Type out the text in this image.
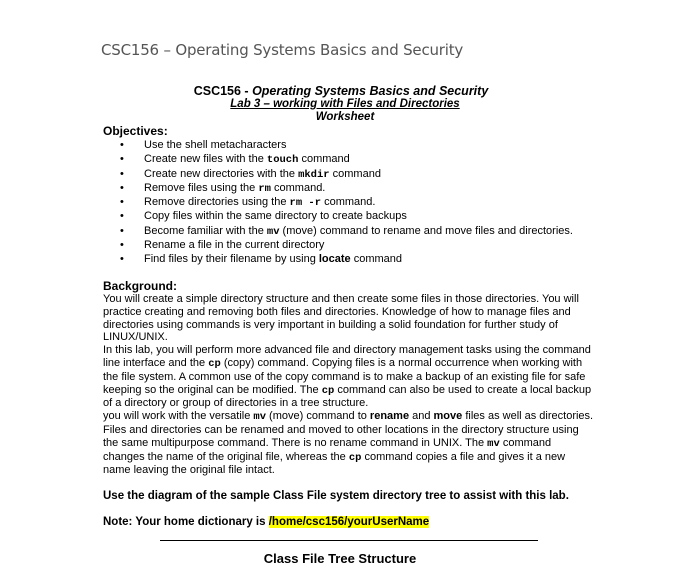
CSC156 – Operating Systems Basics and Security
CSC156 - Operating Systems Basics and Security
Lab 3 – working with Files and Directories
Worksheet
Objectives:
• Use the shell metacharacters
• Create new files with the touch command
• Create new directories with the mkdir command
• Remove files using the rm command.
• Remove directories using the rm -r command.
• Copy files within the same directory to create backups
• Become familiar with the mv (move) command to rename and move files and directories.
• Rename a file in the current directory
• Find files by their filename by using locate command
Background:

You will create a simple directory structure and then create some files in those directories. You will practice creating and removing both files and directories. Knowledge of how to manage files and directories using commands is very important in building a solid foundation for further study of LINUX/UNIX.

In this lab, you will perform more advanced file and directory management tasks using the command line interface and the cp (copy) command. Copying files is a normal occurrence when working with the file system. A common use of the copy command is to make a backup of an existing file for safe keeping so the original can be modified. The cp command can also be used to create a local backup of a directory or group of directories in a tree structure.

you will work with the versatile mv (move) command to rename and move files as well as directories. Files and directories can be renamed and moved to other locations in the directory structure using the same multipurpose command. There is no rename command in UNIX. The mv command changes the name of the original file, whereas the cp command copies a file and gives it a new name leaving the original file intact.

Use the diagram of the sample Class File system directory tree to assist with this lab.
Note: Your home dictionary is /home/csc156/yourUserName
Class File Tree Structure
